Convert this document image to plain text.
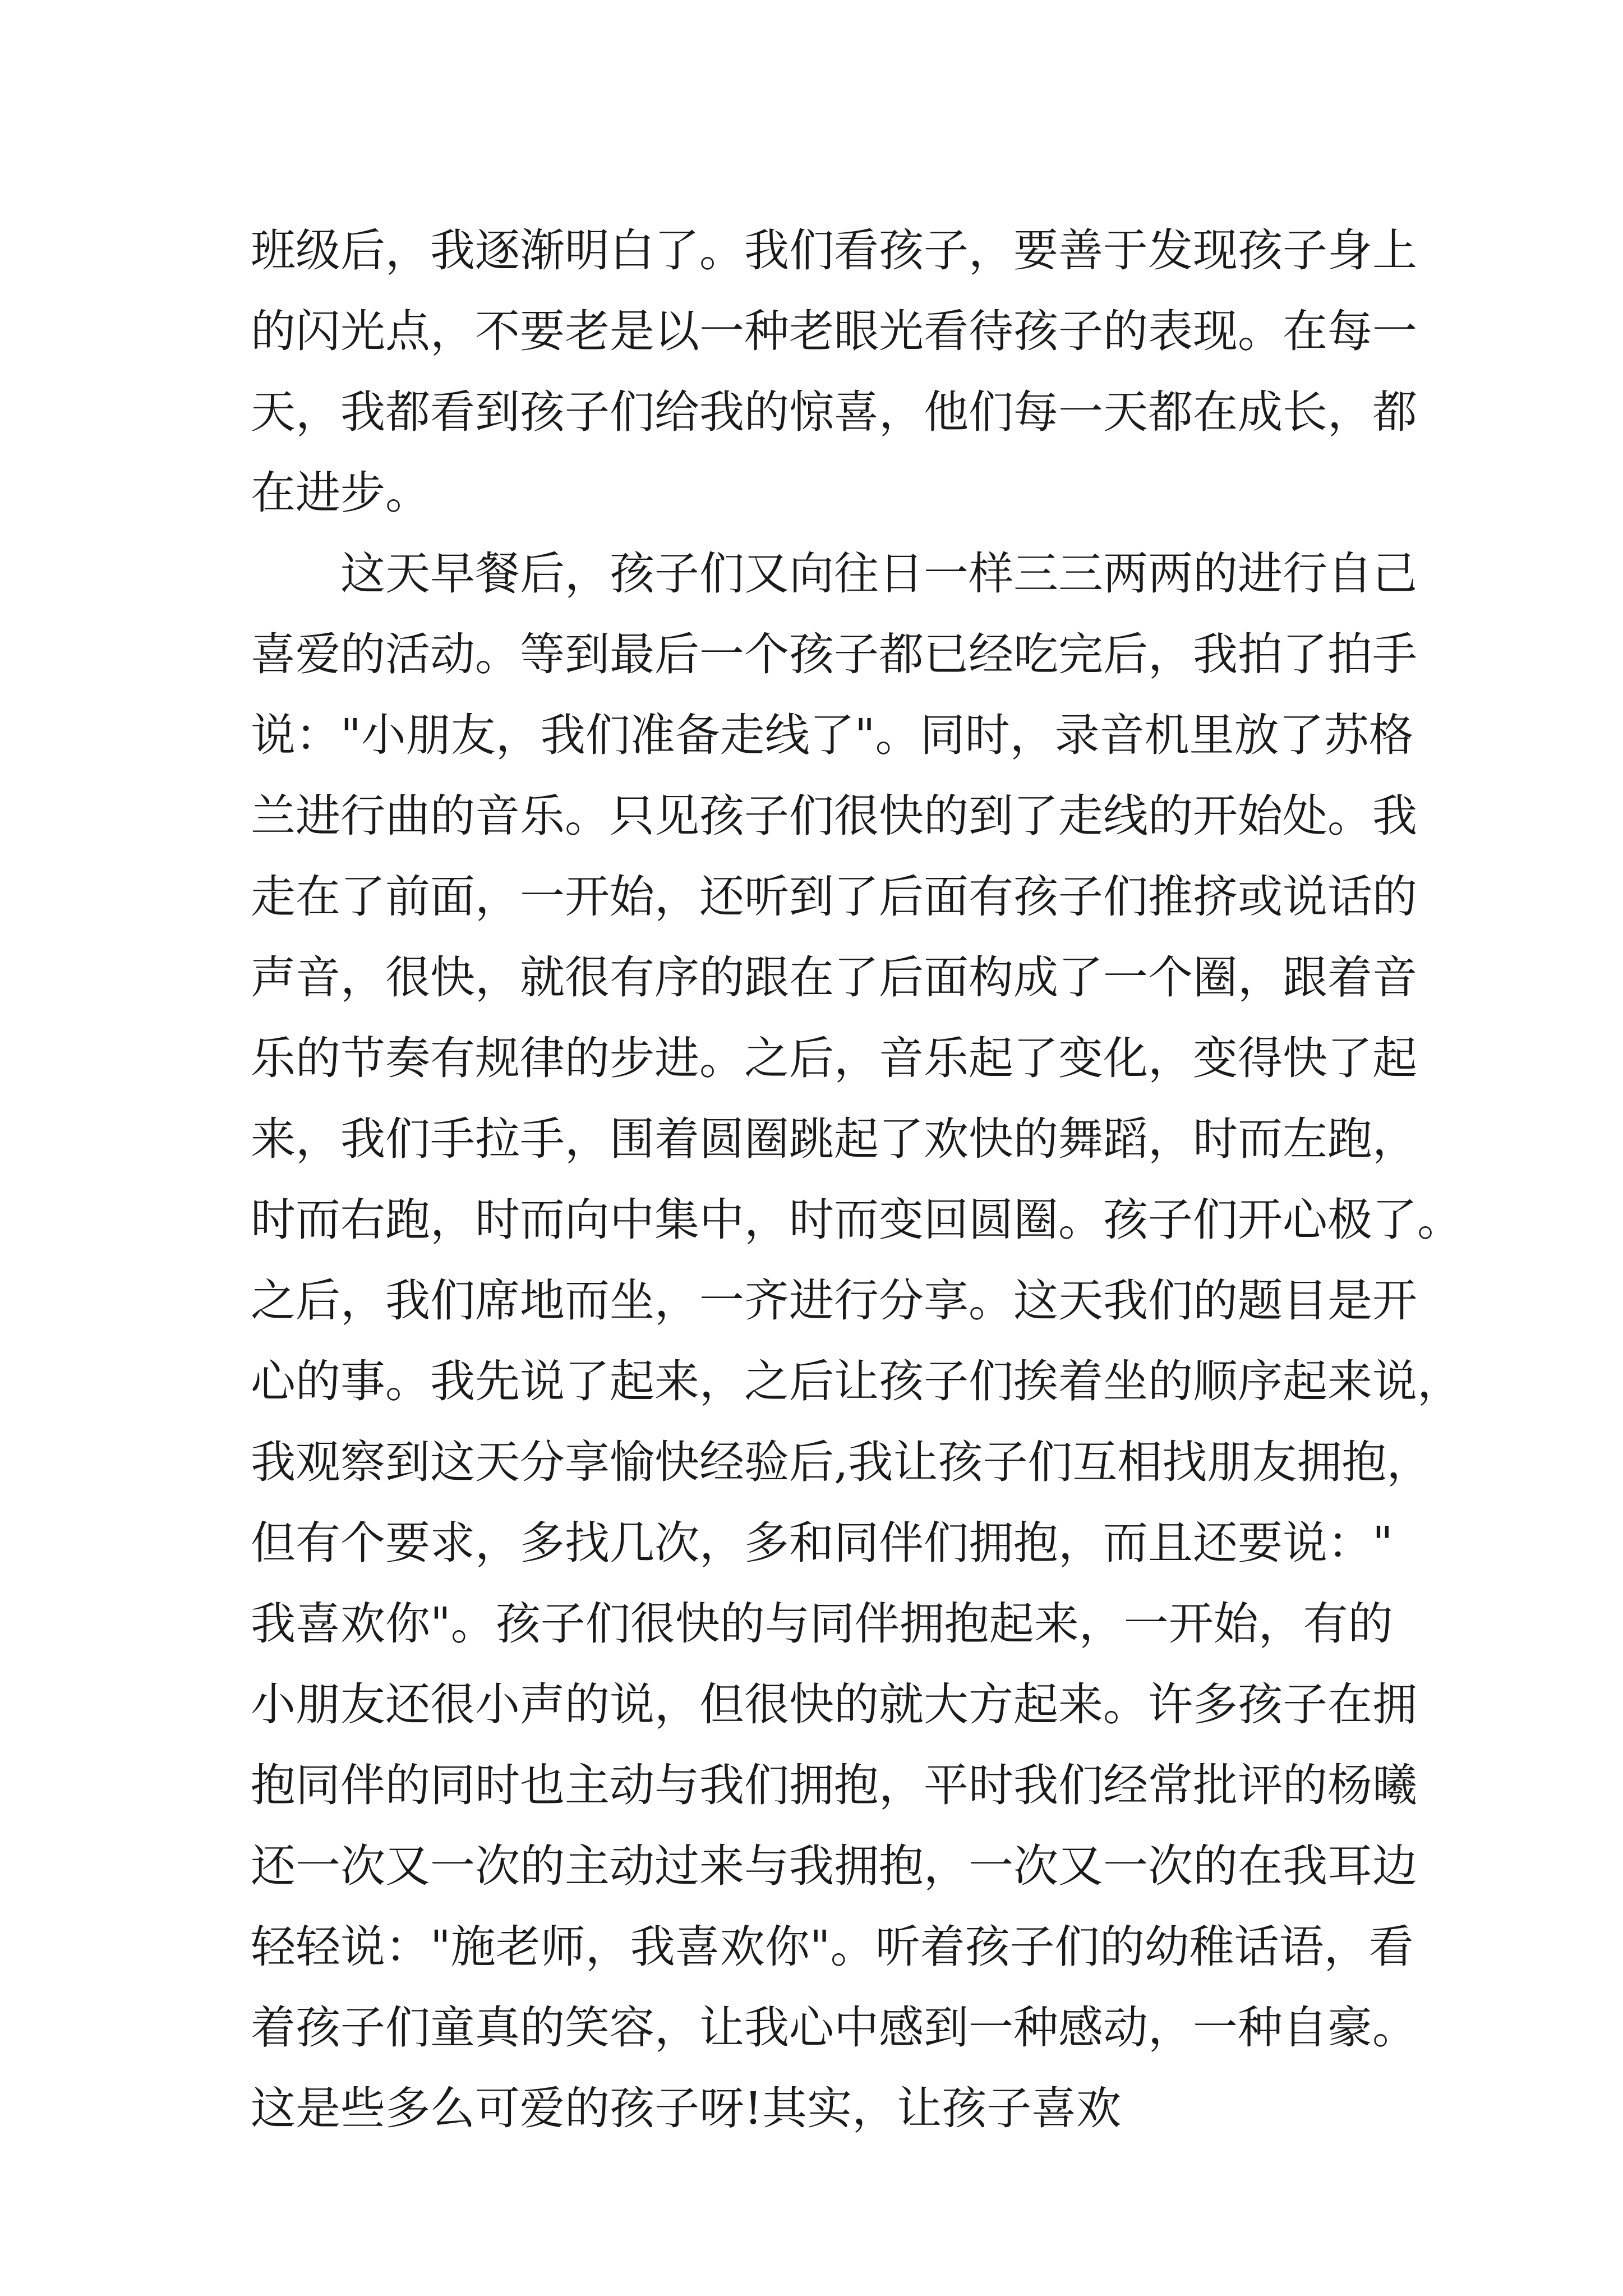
班级后，我逐渐明白了。我们看孩子，要善于发现孩子身上
的闪光点，不要老是以一种老眼光看待孩子的表现。在每一
天，我都看到孩子们给我的惊喜，他们每一天都在成长，都
在进步。
这天早餐后，孩子们又向往日一样三三两两的进行自己
喜爱的活动。等到最后一个孩子都已经吃完后，我拍了拍手
说："小朋友，我们准备走线了"。同时，录音机里放了苏格
兰进行曲的音乐。只见孩子们很快的到了走线的开始处。我
走在了前面，一开始，还听到了后面有孩子们推挤或说话的
声音，很快，就很有序的跟在了后面构成了一个圈，跟着音
乐的节奏有规律的步进。之后，音乐起了变化，变得快了起
来，我们手拉手，围着圆圈跳起了欢快的舞蹈，时而左跑，
时而右跑，时而向中集中，时而变回圆圈。孩子们开心极了。
之后，我们席地而坐，一齐进行分享。这天我们的题目是开
心的事。我先说了起来，之后让孩子们挨着坐的顺序起来说，
我观察到这天分享愉快经验后,我让孩子们互相找朋友拥抱，
但有个要求，多找几次，多和同伴们拥抱，而且还要说："
我喜欢你"。孩子们很快的与同伴拥抱起来，一开始，有的
小朋友还很小声的说，但很快的就大方起来。许多孩子在拥
抱同伴的同时也主动与我们拥抱，平时我们经常批评的杨曦
还一次又一次的主动过来与我拥抱，一次又一次的在我耳边
轻轻说："施老师，我喜欢你"。听着孩子们的幼稚话语，看
着孩子们童真的笑容，让我心中感到一种感动，一种自豪。
这是些多么可爱的孩子呀!其实，让孩子喜欢
